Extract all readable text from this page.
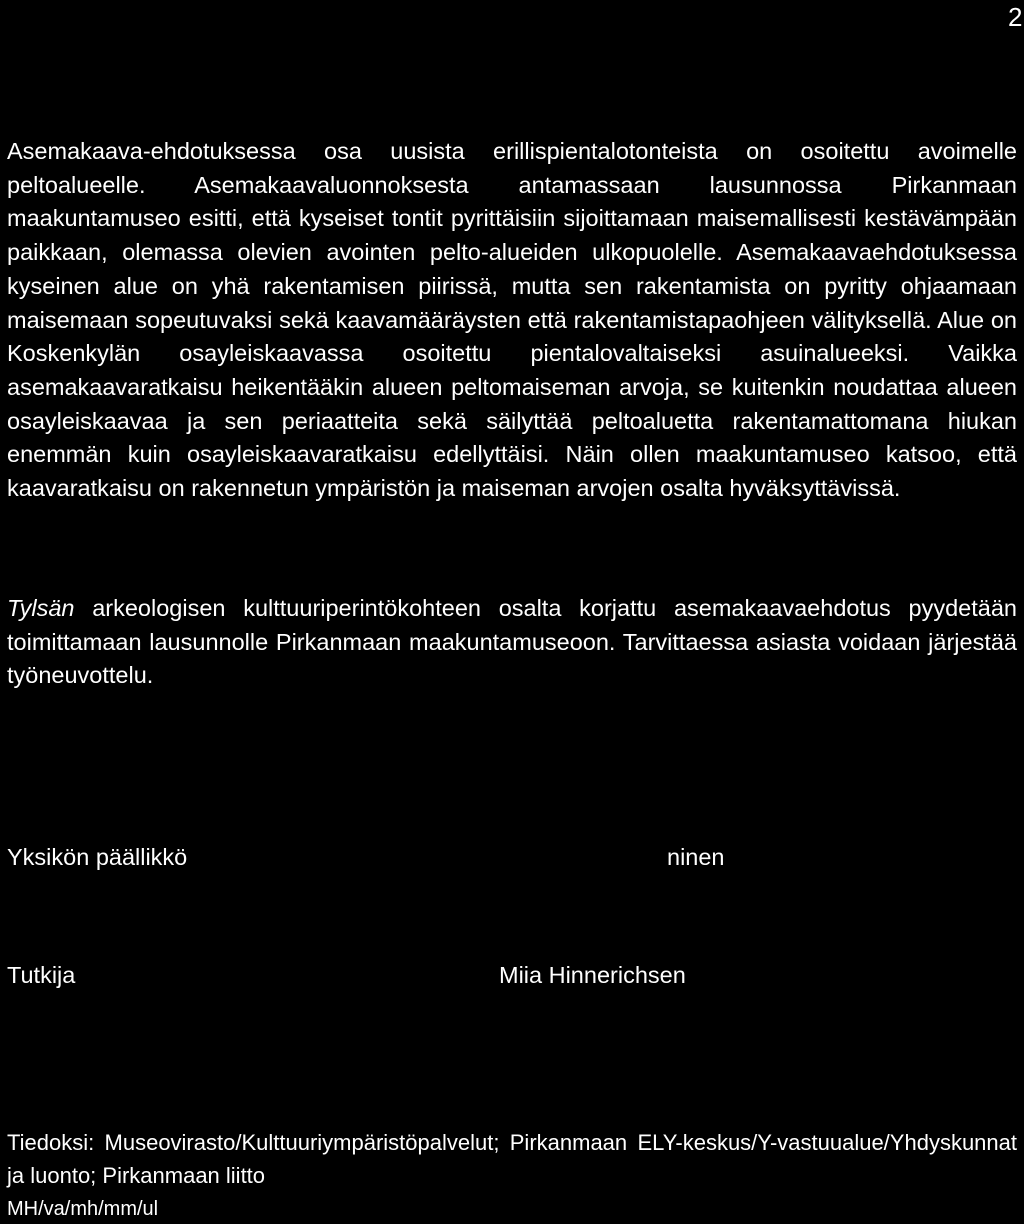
2

Asemakaava-ehdotuksessa osa uusista erillispientalotonteista on osoitettu avoimelle peltoalueelle. Asemakaavaluonnoksesta antamassaan lausunnossa Pirkanmaan maakuntamuseo esitti, että kyseiset tontit pyrittäisiin sijoittamaan maisemallisesti kestävämpään paikkaan, olemassa olevien avointen pelto-alueiden ulkopuolelle. Asemakaavaehdotuksessa kyseinen alue on yhä rakentamisen piirissä, mutta sen rakentamista on pyritty ohjaamaan maisemaan sopeutuvaksi sekä kaavamääräysten että rakentamistapaohjeen välityksellä. Alue on Koskenkylän osayleiskaavassa osoitettu pientalovaltaiseksi asuinalueeksi. Vaikka asemakaavaratkaisu heikentääkin alueen peltomaiseman arvoja, se kuitenkin noudattaa alueen osayleiskaavaa ja sen periaatteita sekä säilyttää peltoaluetta rakentamattomana hiukan enemmän kuin osayleiskaavaratkaisu edellyttäisi. Näin ollen maakuntamuseo katsoo, että kaavaratkaisu on rakennetun ympäristön ja maiseman arvojen osalta hyväksyttävissä.

Tylsän arkeologisen kulttuuriperintökohteen osalta korjattu asemakaavaehdotus pyydetään toimittamaan lausunnolle Pirkanmaan maakuntamuseoon. Tarvittaessa asiasta voidaan järjestää työneuvottelu.

Yksikön päällikkö	ninen
Tutkija	Miia Hinnerichsen

Tiedoksi: Museovirasto/Kulttuuriympäristöpalvelut; Pirkanmaan ELY-keskus/Y-vastuualue/Yhdyskunnat ja luonto; Pirkanmaan liitto

MH/va/mh/mm/ul
